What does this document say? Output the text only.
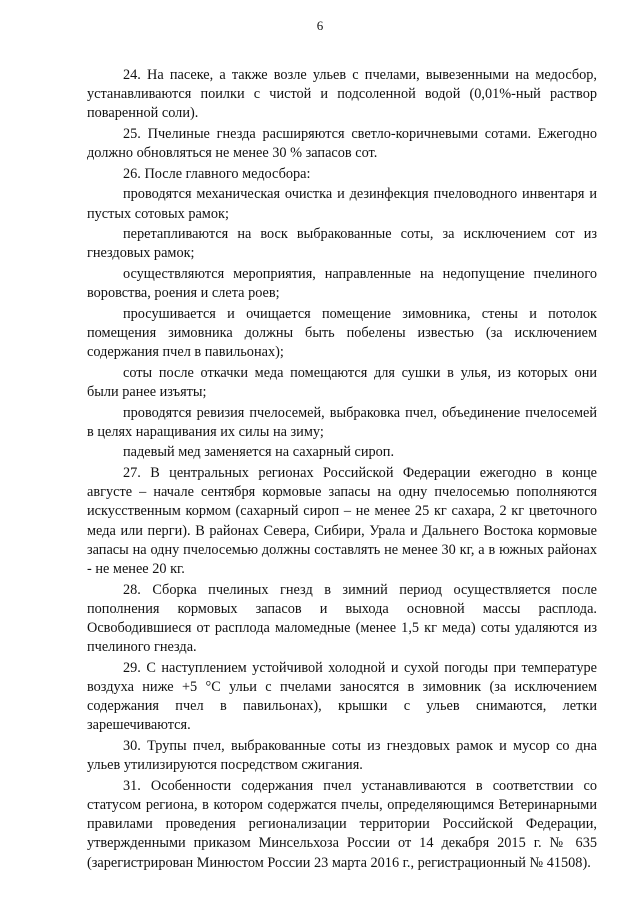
6

24. На пасеке, а также возле ульев с пчелами, вывезенными на медосбор, устанавливаются поилки с чистой и подсоленной водой (0,01%-ный раствор поваренной соли).

25. Пчелиные гнезда расширяются светло-коричневыми сотами. Ежегодно должно обновляться не менее 30 % запасов сот.

26. После главного медосбора:

проводятся механическая очистка и дезинфекция пчеловодного инвентаря и пустых сотовых рамок;

перетапливаются на воск выбракованные соты, за исключением сот из гнездовых рамок;

осуществляются мероприятия, направленные на недопущение пчелиного воровства, роения и слета роев;

просушивается и очищается помещение зимовника, стены и потолок помещения зимовника должны быть побелены известью (за исключением содержания пчел в павильонах);

соты после откачки меда помещаются для сушки в улья, из которых они были ранее изъяты;

проводятся ревизия пчелосемей, выбраковка пчел, объединение пчелосемей в целях наращивания их силы на зиму;

падевый мед заменяется на сахарный сироп.

27. В центральных регионах Российской Федерации ежегодно в конце августе – начале сентября кормовые запасы на одну пчелосемью пополняются искусственным кормом (сахарный сироп – не менее 25 кг сахара, 2 кг цветочного меда или перги). В районах Севера, Сибири, Урала и Дальнего Востока кормовые запасы на одну пчелосемью должны составлять не менее 30 кг, а в южных районах - не менее 20 кг.

28. Сборка пчелиных гнезд в зимний период осуществляется после пополнения кормовых запасов и выхода основной массы расплода. Освободившиеся от расплода маломедные (менее 1,5 кг меда) соты удаляются из пчелиного гнезда.

29. С наступлением устойчивой холодной и сухой погоды при температуре воздуха ниже +5 °С ульи с пчелами заносятся в зимовник (за исключением содержания пчел в павильонах), крышки с ульев снимаются, летки зарешечиваются.

30. Трупы пчел, выбракованные соты из гнездовых рамок и мусор со дна ульев утилизируются посредством сжигания.

31. Особенности содержания пчел устанавливаются в соответствии со статусом региона, в котором содержатся пчелы, определяющимся Ветеринарными правилами проведения регионализации территории Российской Федерации, утвержденными приказом Минсельхоза России от 14 декабря 2015 г. № 635 (зарегистрирован Минюстом России 23 марта 2016 г., регистрационный № 41508).
